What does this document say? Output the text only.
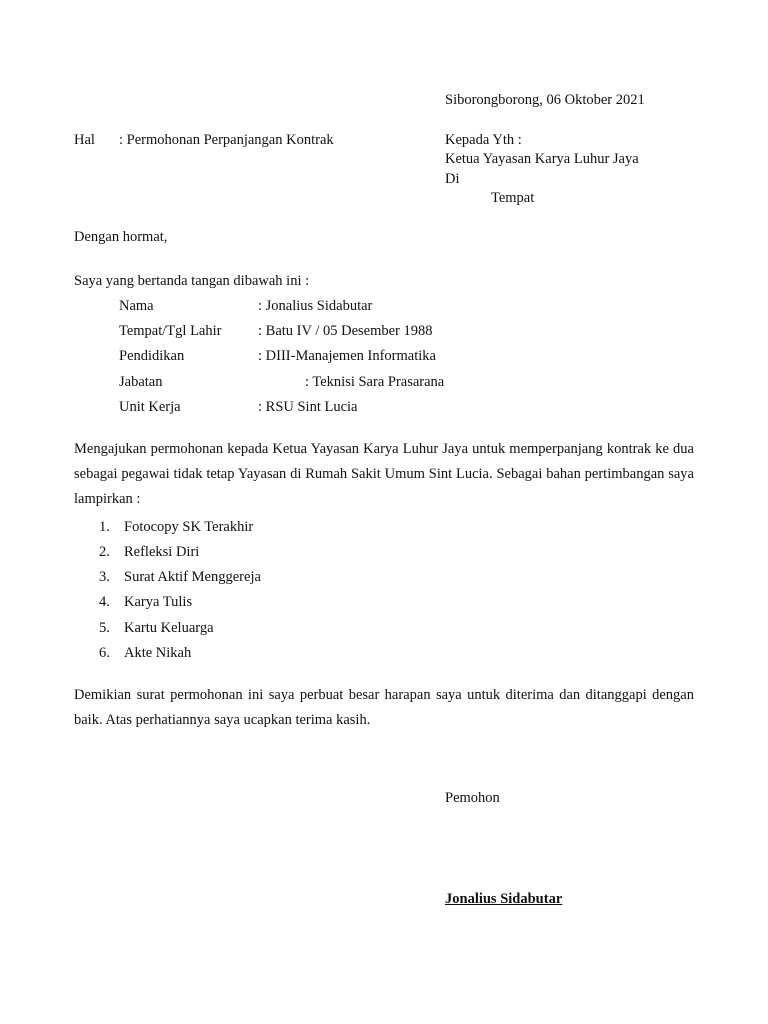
Siborongborong, 06 Oktober 2021
Hal : Permohonan Perpanjangan Kontrak	Kepada Yth :
Ketua Yayasan Karya Luhur Jaya
Di
Tempat
Dengan hormat,
Saya yang bertanda tangan dibawah ini :
Nama	: Jonalius Sidabutar
Tempat/Tgl Lahir	: Batu IV / 05 Desember 1988
Pendidikan	: DIII-Manajemen Informatika
Jabatan	: Teknisi Sara Prasarana
Unit Kerja	: RSU Sint Lucia
Mengajukan permohonan kepada Ketua Yayasan Karya Luhur Jaya untuk memperpanjang kontrak ke dua sebagai pegawai tidak tetap Yayasan di Rumah Sakit Umum Sint Lucia. Sebagai bahan pertimbangan saya lampirkan :
1. Fotocopy SK Terakhir
2. Refleksi Diri
3. Surat Aktif Menggereja
4. Karya Tulis
5. Kartu Keluarga
6. Akte Nikah
Demikian surat permohonan ini saya perbuat besar harapan saya untuk diterima dan ditanggapi dengan baik. Atas perhatiannya saya ucapkan terima kasih.
Pemohon
Jonalius Sidabutar
